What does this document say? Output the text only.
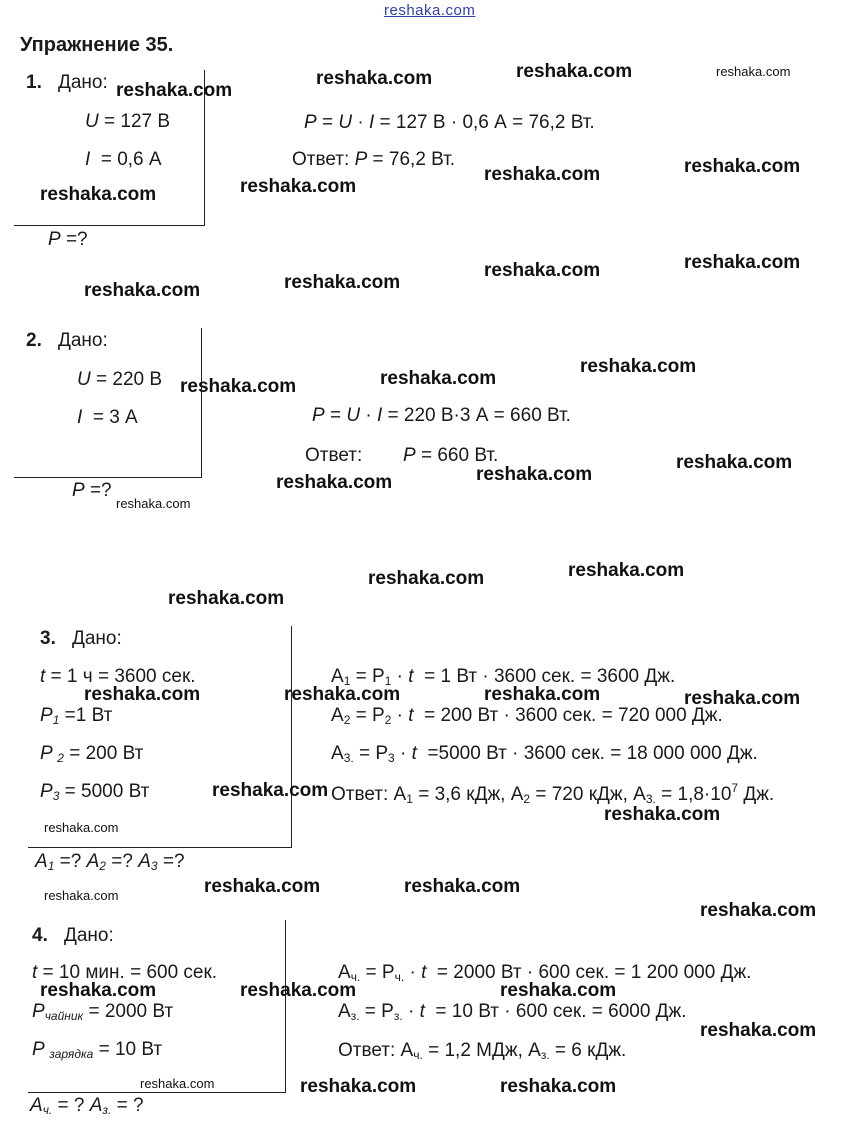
reshaka.com
Упражнение 35.
1. Дано:
U = 127 В
I  = 0,6 А
P =?
P = U · I = 127 В · 0,6 А = 76,2 Вт.
Ответ: P = 76,2 Вт.
2. Дано:
U = 220 В
I  = 3 А
P =?
P = U · I = 220 В·3 А = 660 Вт.
Ответ: P = 660 Вт.
3. Дано:
t = 1 ч = 3600 сек.
$P_1 =1$ Вт
P $_2$ = 200 Вт
$P_3 = 5000$ Вт
$A_1$ =? $A_2$ =? $A_3$ =?
$A_1 = P_1 \cdot t = 1$ Вт · 3600 сек. = 3600 Дж.
$A_2 = P_2 \cdot t = 200$ Вт · 3600 сек. = 720 000 Дж.
$A_{3.} = P_3 \cdot t =5000$ Вт · 3600 сек. = 18 000 000 Дж.
Ответ: $A_1 = 3,6$ кДж, $A_2 = 720$ кДж, $A_{3.} = 1,8\cdot 10^7$ Дж.
4. Дано:
t = 10 мин. = 600 сек.
$P_{чайник} = 2000$ Вт
P $_{зарядка}$ = 10 Вт
$A_{ч.}$ = ? $A_{з.}$ = ?
$A_{ч.} = P_{ч.} \cdot t = 2000$ Вт · 600 сек. = 1 200 000 Дж.
$A_{з.} = P_{з.} \cdot t = 10$ Вт · 600 сек. = 6000 Дж.
Ответ: $A_{ч.} = 1,2$ МДж, $A_{з.} = 6$ кДж.
reshaka.com	reshaka.com	reshaka.com
reshaka.com
reshaka.com
reshaka.com
reshaka.com
reshaka.com
reshaka.com
reshaka.com
reshaka.com
reshaka.com
reshaka.com
reshaka.com
reshaka.com
reshaka.com
reshaka.com
reshaka.com
reshaka.com
reshaka.com
reshaka.com
reshaka.com
reshaka.com	reshaka.com	reshaka.com	reshaka.com
reshaka.com
reshaka.com
reshaka.com
reshaka.com	reshaka.com
reshaka.com
reshaka.com
reshaka.com	reshaka.com	reshaka.com
reshaka.com
reshaka.com	reshaka.com	reshaka.com
